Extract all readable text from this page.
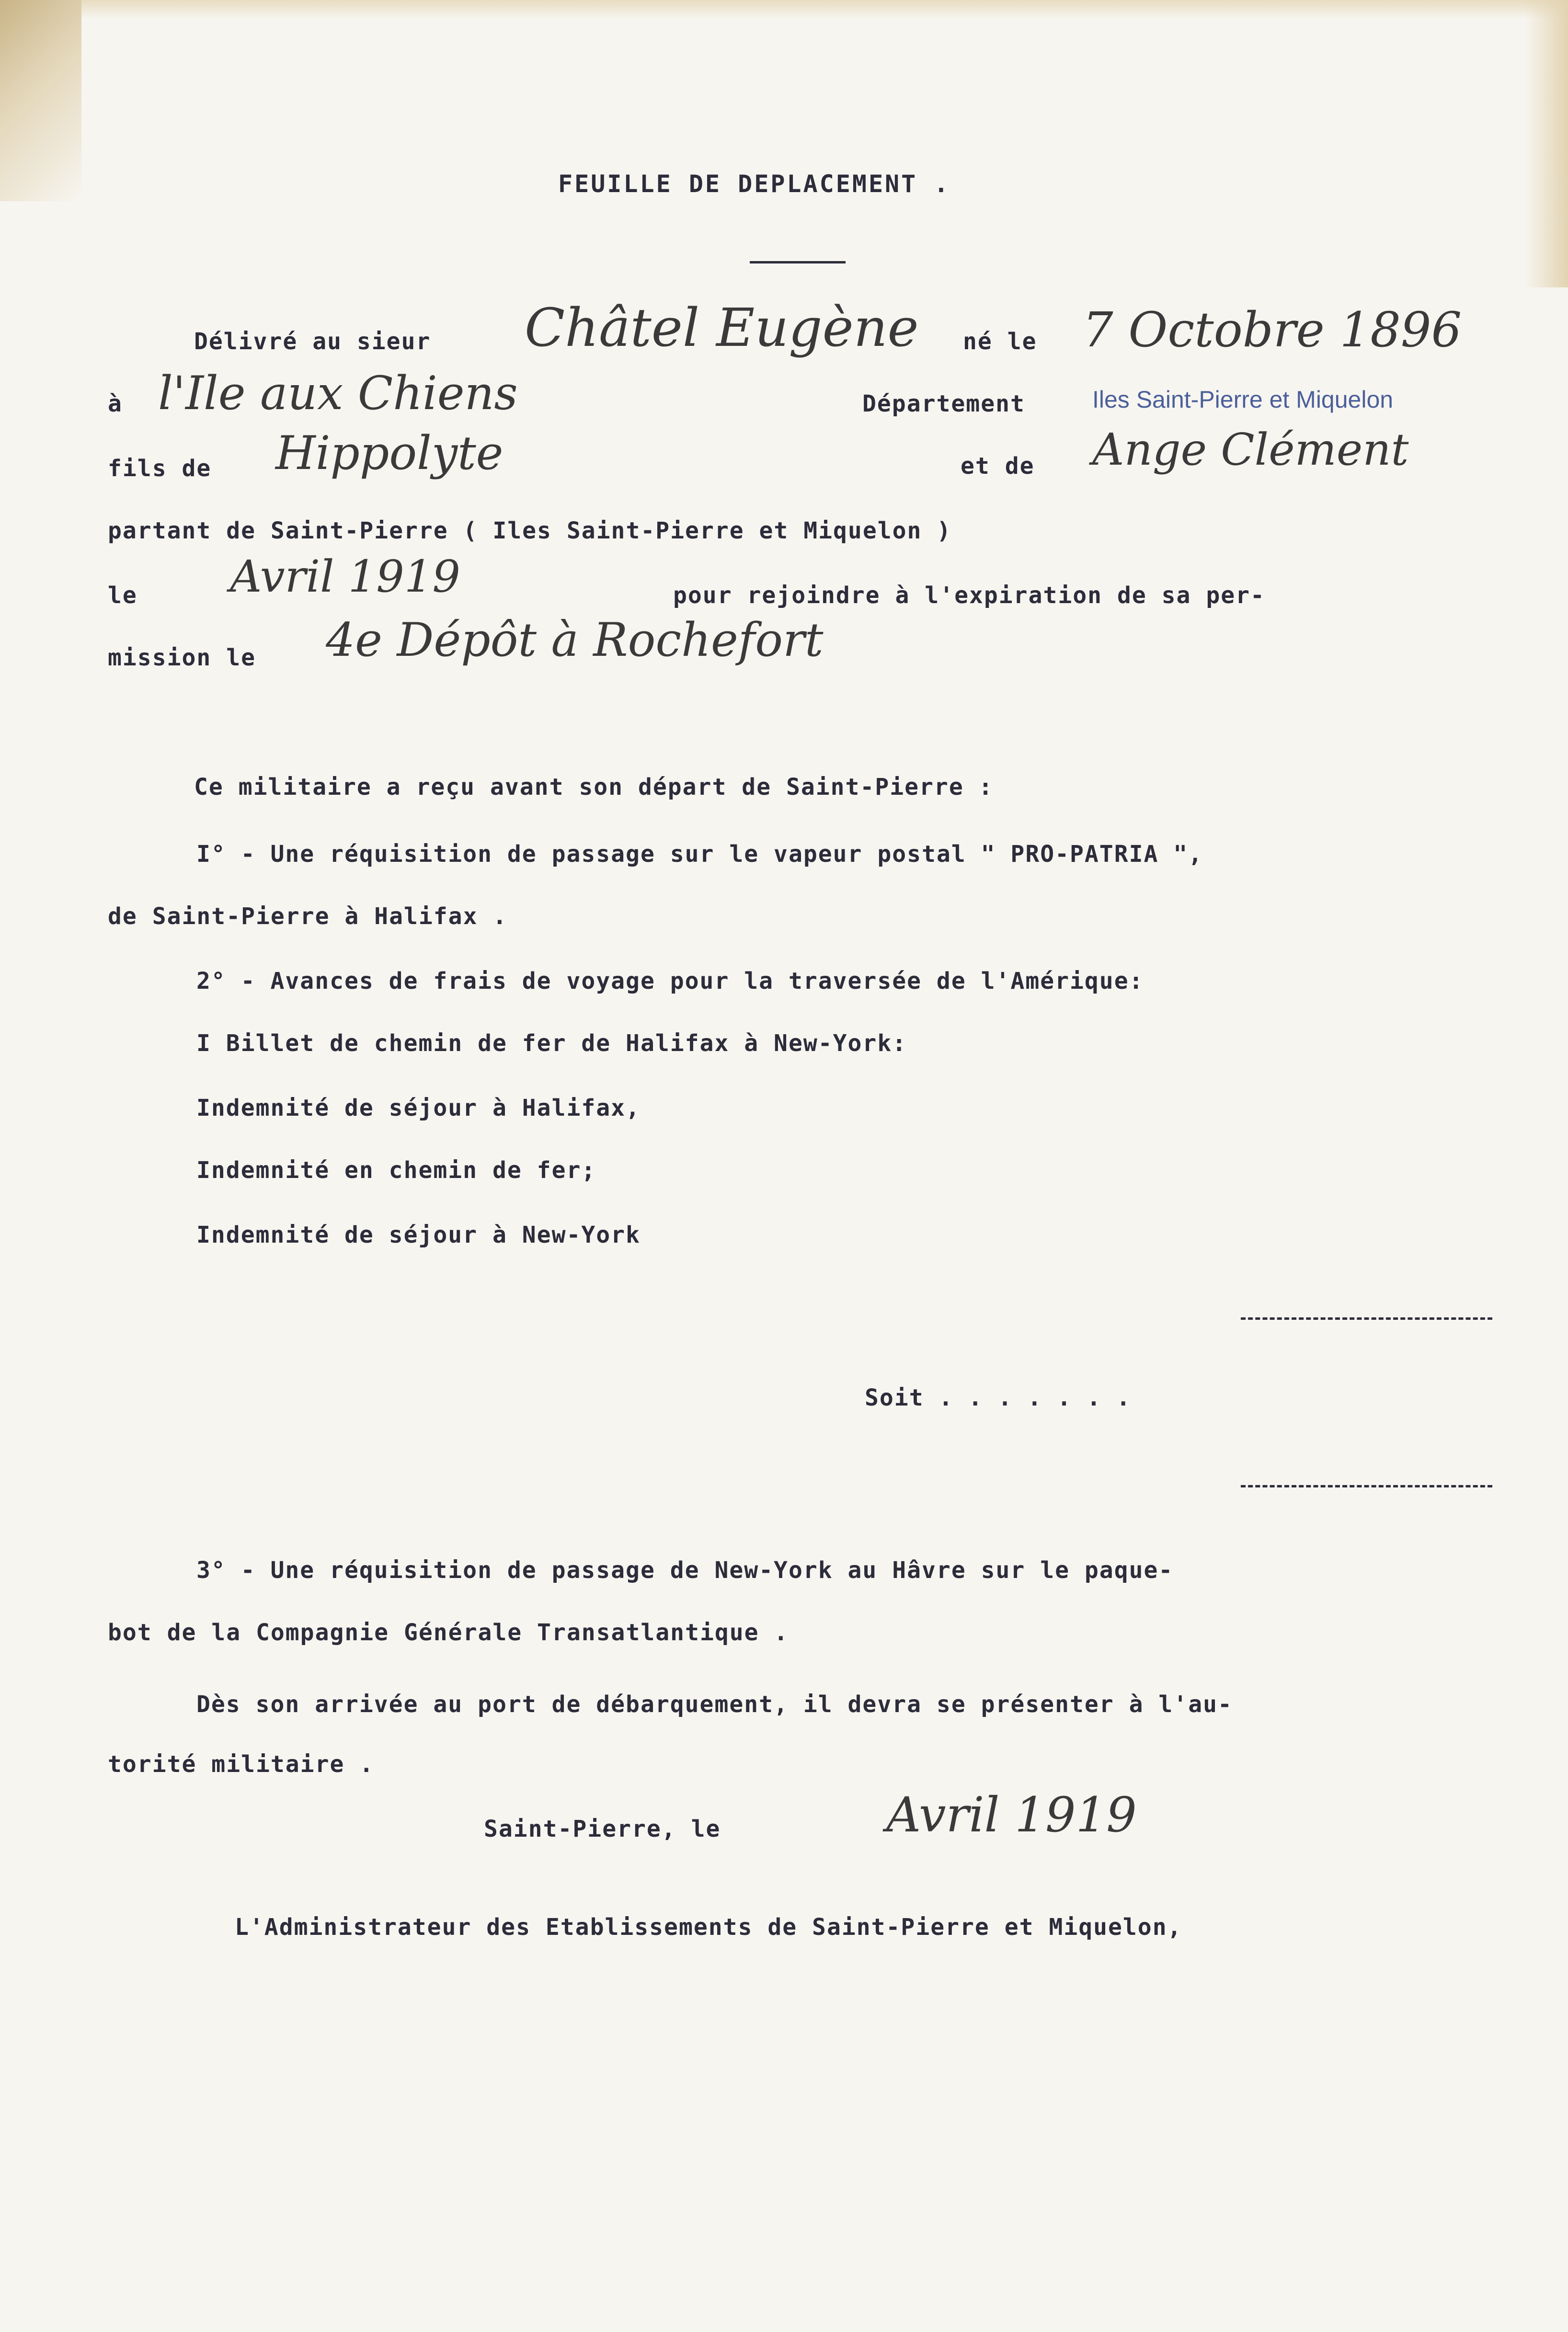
FEUILLE DE DEPLACEMENT .
Délivré au sieur Châtel Eugène né le 7 Octobre 1896
à l'Ile aux Chiens	Département	Iles Saint-Pierre et Miquelon
fils de Hippolyte	et de Ange Clément
partant de Saint-Pierre ( Iles Saint-Pierre et Miquelon )
le Avril 1919	pour rejoindre à l'expiration de sa per-
mission le 4e Dépôt à Rochefort
Ce militaire a reçu avant son départ de Saint-Pierre :
I° - Une réquisition de passage sur le vapeur postal " PRO-PATRIA ",
de Saint-Pierre à Halifax .
2° - Avances de frais de voyage pour la traversée de l'Amérique:
I Billet de chemin de fer de Halifax à New-York:
Indemnité de séjour à Halifax,
Indemnité en chemin de fer;
Indemnité de séjour à New-York
Soit . . . . . . .
3° - Une réquisition de passage de New-York au Hâvre sur le paque-
bot de la Compagnie Générale Transatlantique .
Dès son arrivée au port de débarquement, il devra se présenter à l'au-
torité militaire .
Saint-Pierre, le	Avril 1919
L'Administrateur des Etablissements de Saint-Pierre et Miquelon,
